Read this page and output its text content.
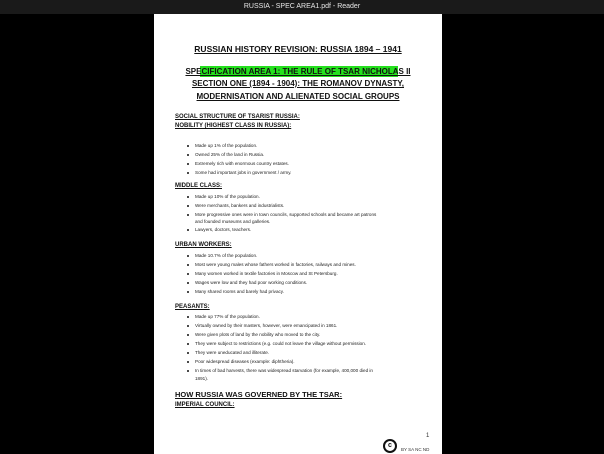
RUSSIA - SPEC AREA1.pdf - Reader
RUSSIAN HISTORY REVISION: RUSSIA 1894 – 1941
SPECIFICATION AREA 1: THE RULE OF TSAR NICHOLAS II
SECTION ONE (1894 - 1904): THE ROMANOV DYNASTY,
MODERNISATION AND ALIENATED SOCIAL GROUPS
SOCIAL STRUCTURE OF TSARIST RUSSIA:
NOBILITY (HIGHEST CLASS IN RUSSIA):
Made up 1% of the population.
Owned 25% of the land in Russia.
Extremely rich with enormous country estates.
Some had important jobs in government / army.
MIDDLE CLASS:
Made up 10% of the population.
Were merchants, bankers and industrialists.
More progressive ones were in town councils, supported schools and became art patrons
and founded museums and galleries.
Lawyers, doctors, teachers.
URBAN WORKERS:
Made 10.7% of the population.
Most were young males whose fathers worked in factories, railways and mines.
Many women worked in textile factories in Moscow and St Petersburg.
Wages were low and they had poor working conditions.
Many shared rooms and barely had privacy.
PEASANTS:
Made up 77% of the population.
Virtually owned by their masters, however, were emancipated in 1861.
Were given plots of land by the nobility who moved to the city.
They were subject to restrictions (e.g. could not leave the village without permission.
They were uneducated and illiterate.
Poor widespread diseases (example: diphtheria).
In times of bad harvests, there was widespread starvation (for example, 400,000 died in
1891).
HOW RUSSIA WAS GOVERNED BY THE TSAR:
IMPERIAL COUNCIL:
1
c
BY SA NC ND
